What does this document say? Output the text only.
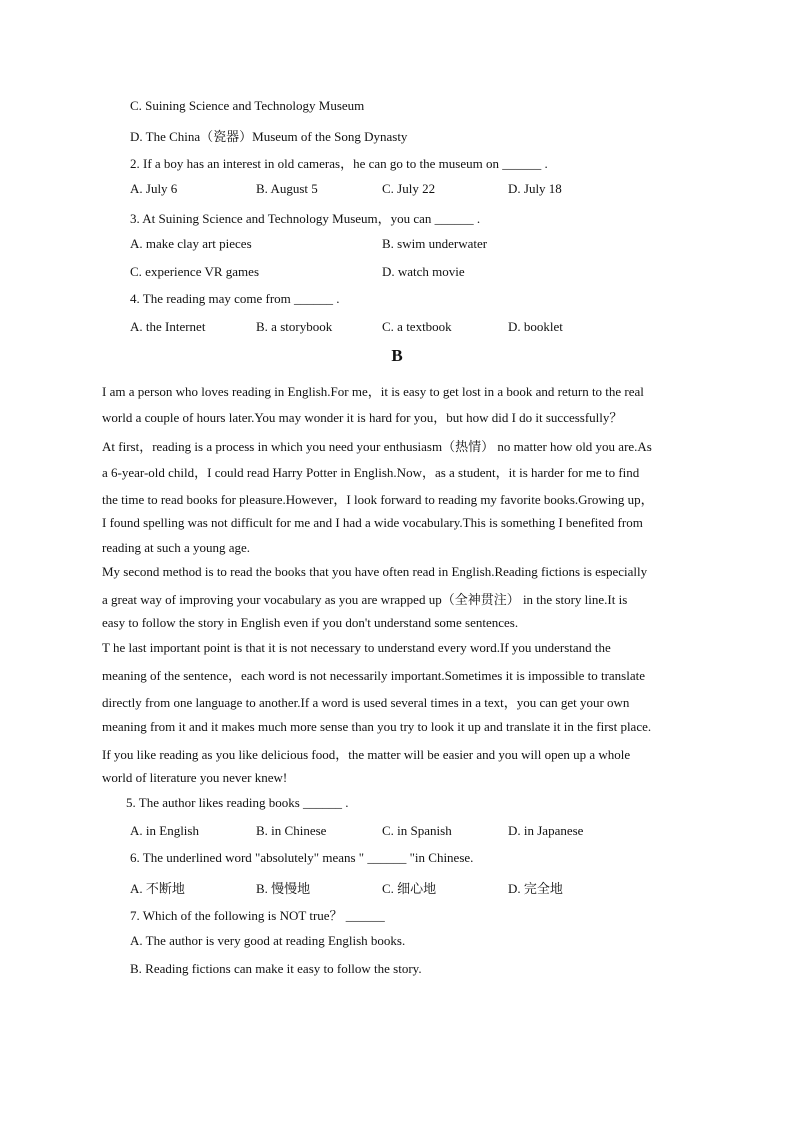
C. Suining Science and Technology Museum
D. The China（瓷器）Museum of the Song Dynasty
2. If a boy has an interest in old cameras，he can go to the museum on ______ .
A. July 6	B. August 5	C. July 22	D. July 18
3. At Suining Science and Technology Museum，you can ______ .
A. make clay art pieces	B. swim underwater
C. experience VR games	D. watch movie
4. The reading may come from ______ .
A. the Internet	B. a storybook	C. a textbook	D. booklet
B
I am a person who loves reading in English.For me，it is easy to get lost in a book and return to the real
world a couple of hours later.You may wonder it is hard for you，but how did I do it successfully？
At first，reading is a process in which you need your enthusiasm（热情） no matter how old you are.As
a 6-year-old child，I could read Harry Potter in English.Now，as a student，it is harder for me to find
the time to read books for pleasure.However，I look forward to reading my favorite books.Growing up，
I found spelling was not difficult for me and I had a wide vocabulary.This is something I benefited from
reading at such a young age.
My second method is to read the books that you have often read in English.Reading fictions is especially
a great way of improving your vocabulary as you are wrapped up（全神贯注） in the story line.It is
easy to follow the story in English even if you don't understand some sentences.
T he last important point is that it is not necessary to understand every word.If you understand the
meaning of the sentence，each word is not necessarily important.Sometimes it is impossible to translate
directly from one language to another.If a word is used several times in a text，you can get your own
meaning from it and it makes much more sense than you try to look it up and translate it in the first place.
If you like reading as you like delicious food，the matter will be easier and you will open up a whole
world of literature you never knew!
5. The author likes reading books ______ .
A. in English	B. in Chinese	C. in Spanish	D. in Japanese
6. The underlined word "absolutely" means " ______ "in Chinese.
A. 不断地	B. 慢慢地	C. 细心地	D. 完全地
7. Which of the following is NOT true？ ______
A. The author is very good at reading English books.
B. Reading fictions can make it easy to follow the story.
